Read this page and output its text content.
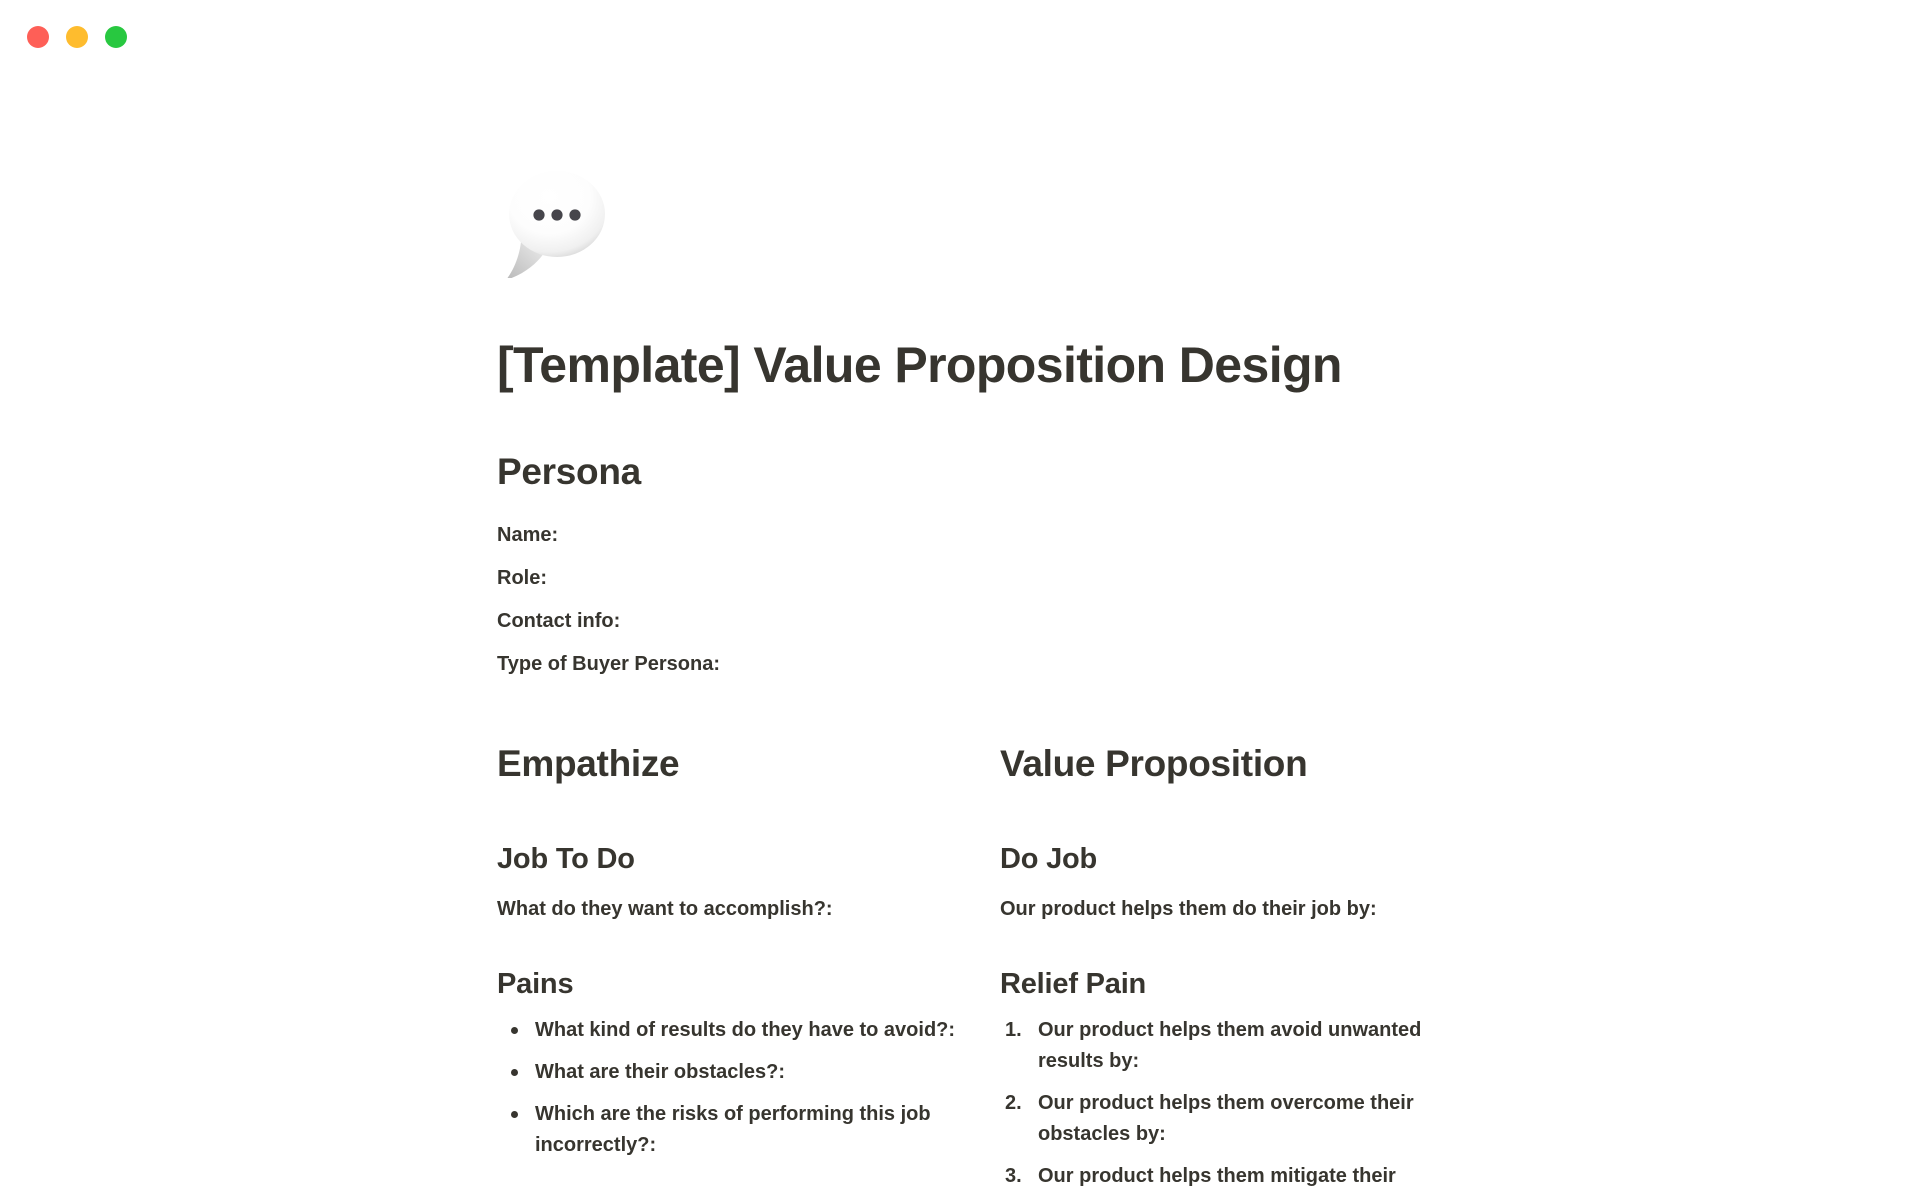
[Template] Value Proposition Design
Persona

Name:

Role:

Contact info:

Type of Buyer Persona:

Empathize
Job To Do

What do they want to accomplish?:

Pains
What kind of results do they have to avoid?:
What are their obstacles?:
Which are the risks of performing this job incorrectly?:
Value Proposition
Do Job

Our product helps them do their job by:

Relief Pain
Our product helps them avoid unwanted results by:
Our product helps them overcome their obstacles by:
Our product helps them mitigate their
